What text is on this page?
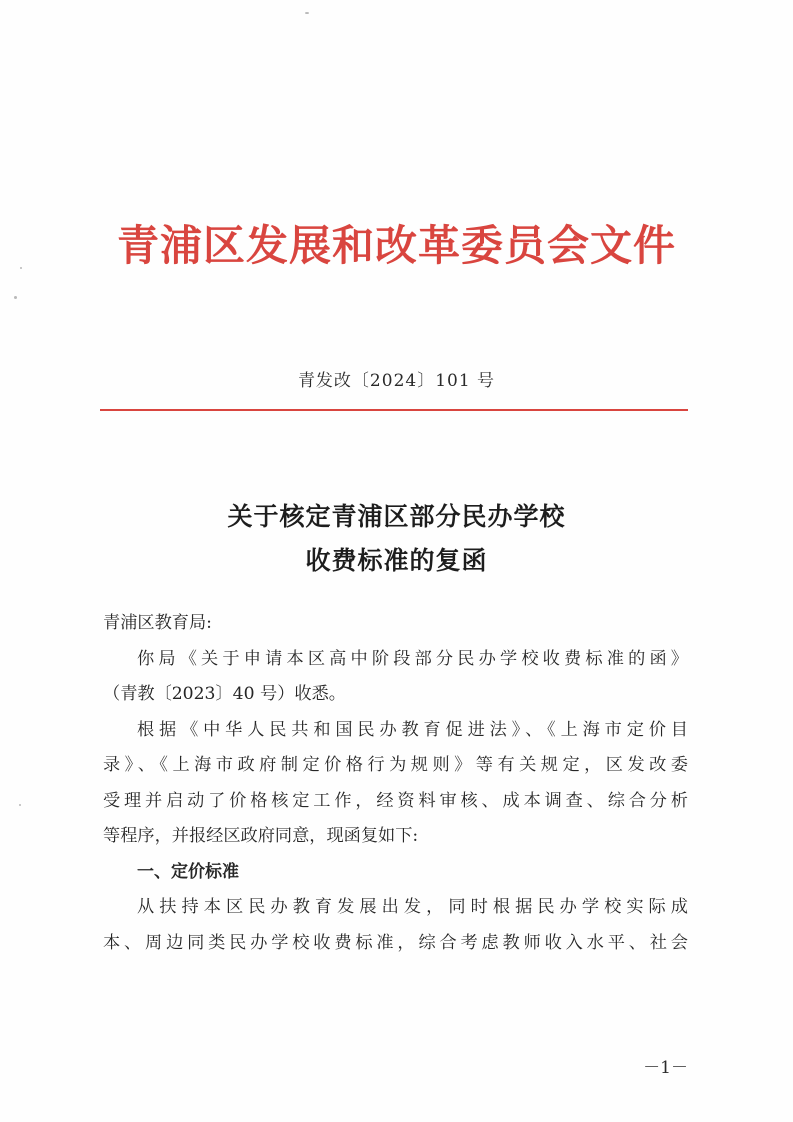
青浦区发展和改革委员会文件
青发改〔2024〕101 号
关于核定青浦区部分民办学校
收费标准的复函
青浦区教育局:
你局《关于申请本区高中阶段部分民办学校收费标准的函》
（青教〔2023〕40 号）收悉。
根据《中华人民共和国民办教育促进法》、《上海市定价目
录》、《上海市政府制定价格行为规则》等有关规定，区发改委
受理并启动了价格核定工作，经资料审核、成本调查、综合分析
等程序，并报经区政府同意，现函复如下:
一、定价标准
从扶持本区民办教育发展出发，同时根据民办学校实际成
本、周边同类民办学校收费标准，综合考虑教师收入水平、社会
－1－
